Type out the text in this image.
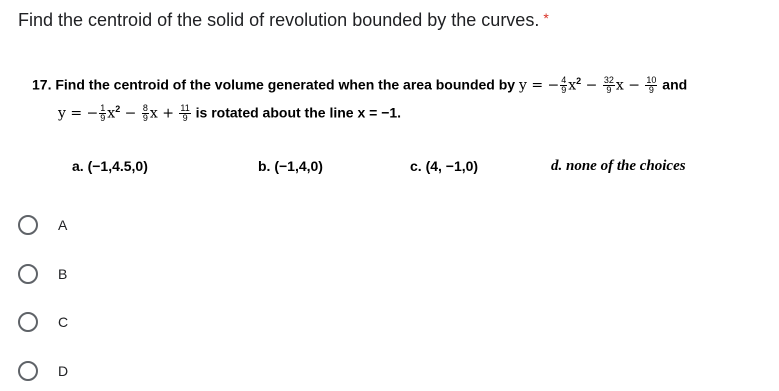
Find the centroid of the solid of revolution bounded by the curves. *
17. Find the centroid of the volume generated when the area bounded by y = − $\frac{4}{9} x^2 - \frac{32}{9}$ $x - \frac{10}{9}$ and
y = − $\frac{1}{9} x^2 - \frac{8}{9}$ $x + \frac{11}{9}$ is rotated about the line x = −1.
a. (−1,4.5,0)	b. (−1,4,0)	c. (4, −1,0)	d. none of the choices
A
B
C
D
